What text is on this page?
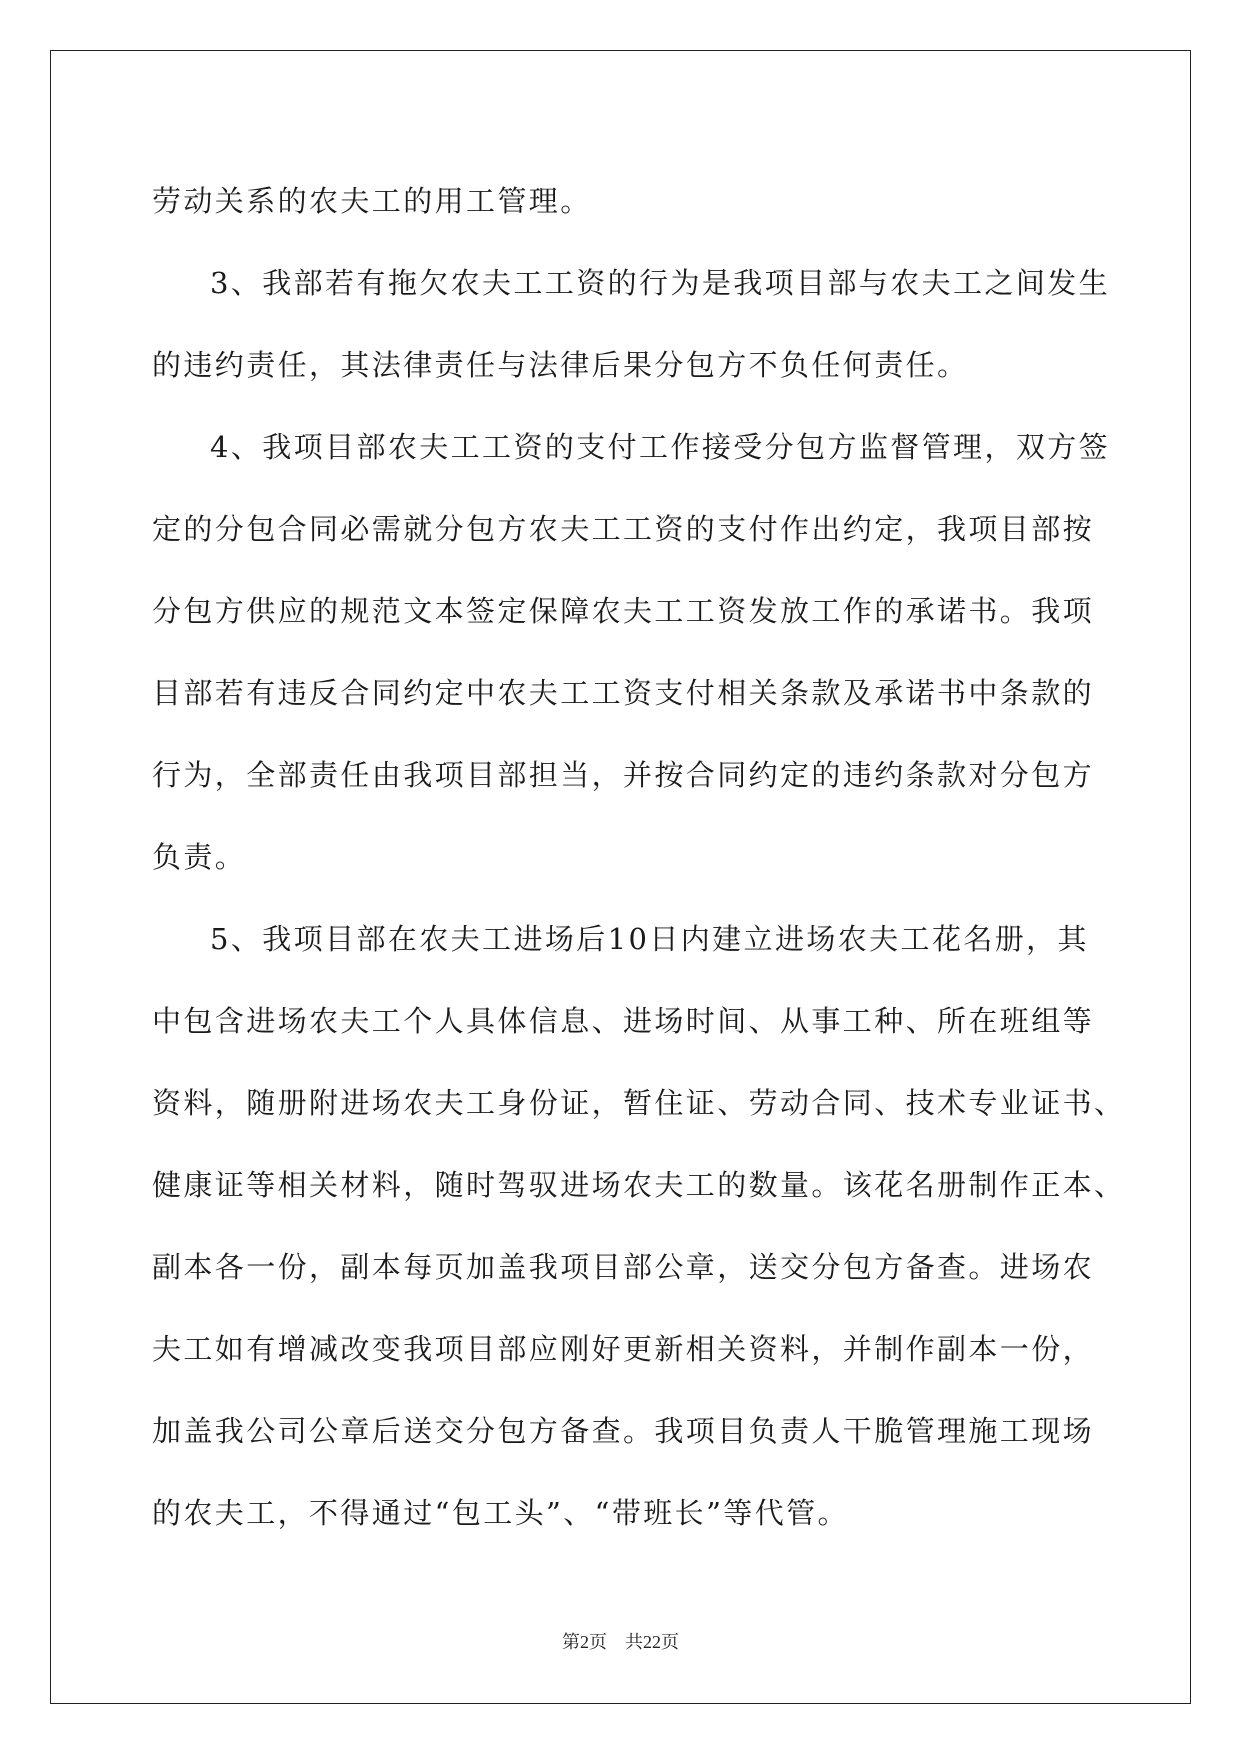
劳动关系的农夫工的用工管理。
3、我部若有拖欠农夫工工资的行为是我项目部与农夫工之间发生
的违约责任，其法律责任与法律后果分包方不负任何责任。
4、我项目部农夫工工资的支付工作接受分包方监督管理，双方签
定的分包合同必需就分包方农夫工工资的支付作出约定，我项目部按
分包方供应的规范文本签定保障农夫工工资发放工作的承诺书。我项
目部若有违反合同约定中农夫工工资支付相关条款及承诺书中条款的
行为，全部责任由我项目部担当，并按合同约定的违约条款对分包方
负责。
5、我项目部在农夫工进场后10日内建立进场农夫工花名册，其
中包含进场农夫工个人具体信息、进场时间、从事工种、所在班组等
资料，随册附进场农夫工身份证，暂住证、劳动合同、技术专业证书、
健康证等相关材料，随时驾驭进场农夫工的数量。该花名册制作正本、
副本各一份，副本每页加盖我项目部公章，送交分包方备查。进场农
夫工如有增减改变我项目部应刚好更新相关资料，并制作副本一份，
加盖我公司公章后送交分包方备查。我项目负责人干脆管理施工现场
的农夫工，不得通过“包工头”、“带班长”等代管。
第2页 共22页
